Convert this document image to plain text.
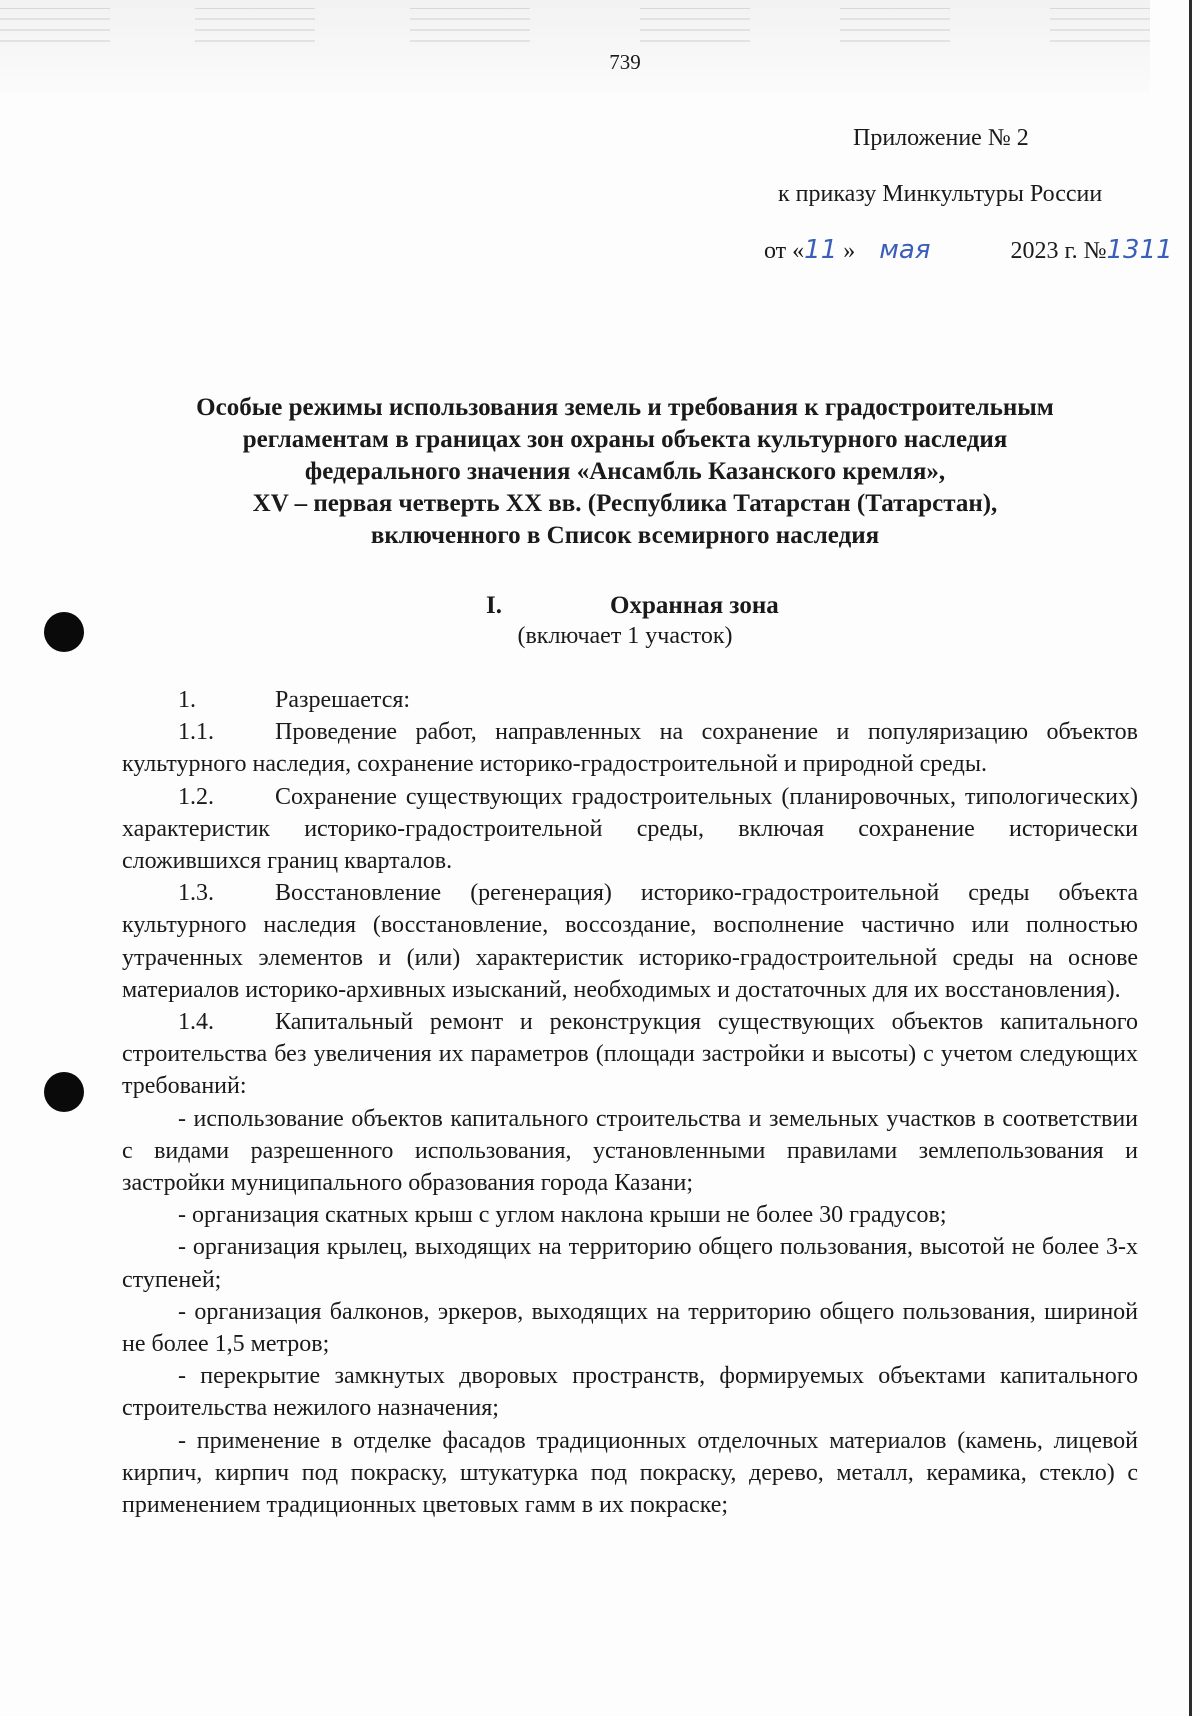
739
Приложение № 2
к приказу Минкультуры России
от «11 » мая	2023 г. №1311
Особые режимы использования земель и требования к градостроительным
регламентам в границах зон охраны объекта культурного наследия
федерального значения «Ансамбль Казанского кремля»,
XV – первая четверть XX вв. (Республика Татарстан (Татарстан),
включенного в Список всемирного наследия
I.	Охранная зона
(включает 1 участок)

1.	Разрешается:

1.1.	Проведение работ, направленных на сохранение и популяризацию объектов культурного наследия, сохранение историко-градостроительной и природной среды.

1.2.	Сохранение существующих градостроительных (планировочных, типологических) характеристик историко-градостроительной среды, включая сохранение исторически сложившихся границ кварталов.

1.3.	Восстановление (регенерация) историко-градостроительной среды объекта культурного наследия (восстановление, воссоздание, восполнение частично или полностью утраченных элементов и (или) характеристик историко-градостроительной среды на основе материалов историко-архивных изысканий, необходимых и достаточных для их восстановления).

1.4.	Капитальный ремонт и реконструкция существующих объектов капитального строительства без увеличения их параметров (площади застройки и высоты) с учетом следующих требований:

- использование объектов капитального строительства и земельных участков в соответствии с видами разрешенного использования, установленными правилами землепользования и застройки муниципального образования города Казани;

- организация скатных крыш с углом наклона крыши не более 30 градусов;

- организация крылец, выходящих на территорию общего пользования, высотой не более 3-х ступеней;

- организация балконов, эркеров, выходящих на территорию общего пользования, шириной не более 1,5 метров;

- перекрытие замкнутых дворовых пространств, формируемых объектами капитального строительства нежилого назначения;

- применение в отделке фасадов традиционных отделочных материалов (камень, лицевой кирпич, кирпич под покраску, штукатурка под покраску, дерево, металл, керамика, стекло) с применением традиционных цветовых гамм в их покраске;
